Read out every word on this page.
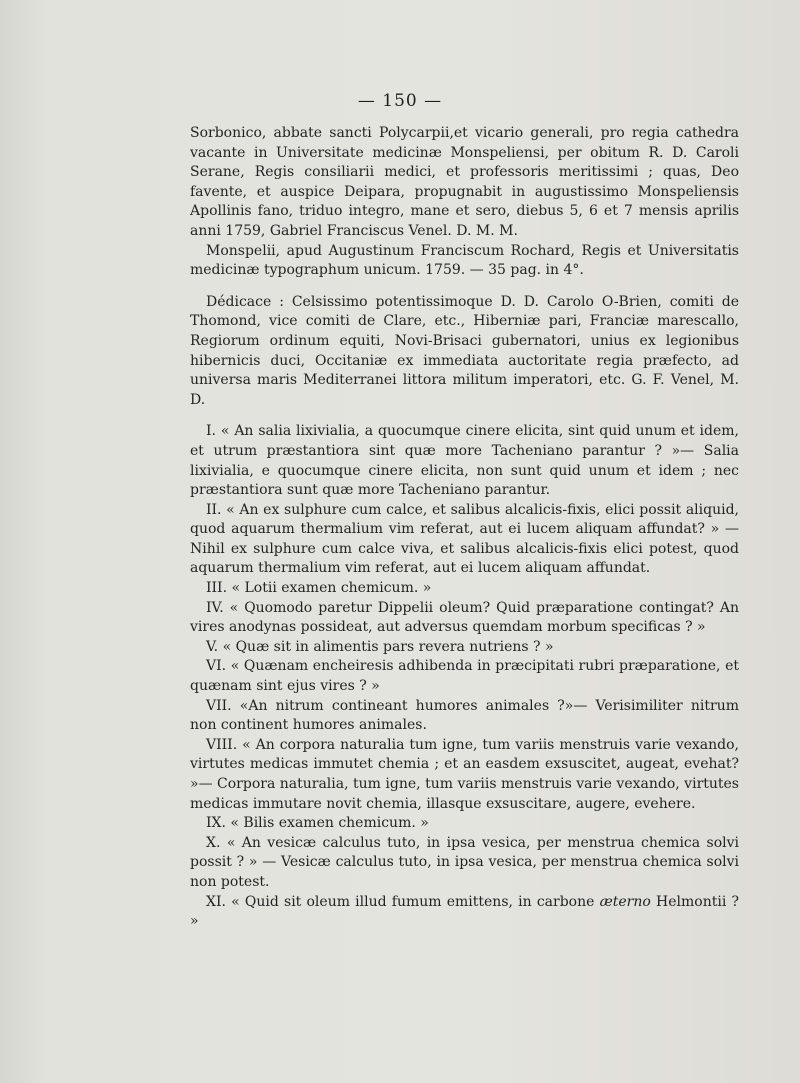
— 150 —

Sorbonico, abbate sancti Polycarpii,et vicario generali, pro regia cathedra vacante in Universitate medicinæ Monspeliensi, per obitum R. D. Caroli Serane, Regis consiliarii medici, et professoris meritissimi ; quas, Deo favente, et auspice Deipara, propugnabit in augustissimo Monspeliensis Apollinis fano, triduo integro, mane et sero, diebus 5, 6 et 7 mensis aprilis anni 1759, Gabriel Franciscus Venel. D. M. M.

Monspelii, apud Augustinum Franciscum Rochard, Regis et Universitatis medicinæ typographum unicum. 1759. — 35 pag. in 4°.

Dédicace : Celsissimo potentissimoque D. D. Carolo O-Brien, comiti de Thomond, vice comiti de Clare, etc., Hiberniæ pari, Franciæ marescallo, Regiorum ordinum equiti, Novi-Brisaci gubernatori, unius ex legionibus hibernicis duci, Occitaniæ ex immediata auctoritate regia præfecto, ad universa maris Mediterranei littora militum imperatori, etc. G. F. Venel, M. D.

I. « An salia lixivialia, a quocumque cinere elicita, sint quid unum et idem, et utrum præstantiora sint quæ more Tacheniano parantur ? »— Salia lixivialia, e quocumque cinere elicita, non sunt quid unum et idem ; nec præstantiora sunt quæ more Tacheniano parantur.

II. « An ex sulphure cum calce, et salibus alcalicis-fixis, elici possit aliquid, quod aquarum thermalium vim referat, aut ei lucem aliquam affundat? » — Nihil ex sulphure cum calce viva, et salibus alcalicis-fixis elici potest, quod aquarum thermalium vim referat, aut ei lucem aliquam affundat.

III. « Lotii examen chemicum. »

IV. « Quomodo paretur Dippelii oleum? Quid præparatione contingat? An vires anodynas possideat, aut adversus quemdam morbum specificas ? »

V. « Quæ sit in alimentis pars revera nutriens ? »

VI. « Quænam encheiresis adhibenda in præcipitati rubri præparatione, et quænam sint ejus vires ? »

VII. «An nitrum contineant humores animales ?»— Verisimiliter nitrum non continent humores animales.

VIII. « An corpora naturalia tum igne, tum variis menstruis varie vexando, virtutes medicas immutet chemia ; et an easdem exsuscitet, augeat, evehat? »— Corpora naturalia, tum igne, tum variis menstruis varie vexando, virtutes medicas immutare novit chemia, illasque exsuscitare, augere, evehere.

IX. « Bilis examen chemicum. »

X. « An vesicæ calculus tuto, in ipsa vesica, per menstrua chemica solvi possit ? » — Vesicæ calculus tuto, in ipsa vesica, per menstrua chemica solvi non potest.

XI. « Quid sit oleum illud fumum emittens, in carbone æterno Helmontii ? »
